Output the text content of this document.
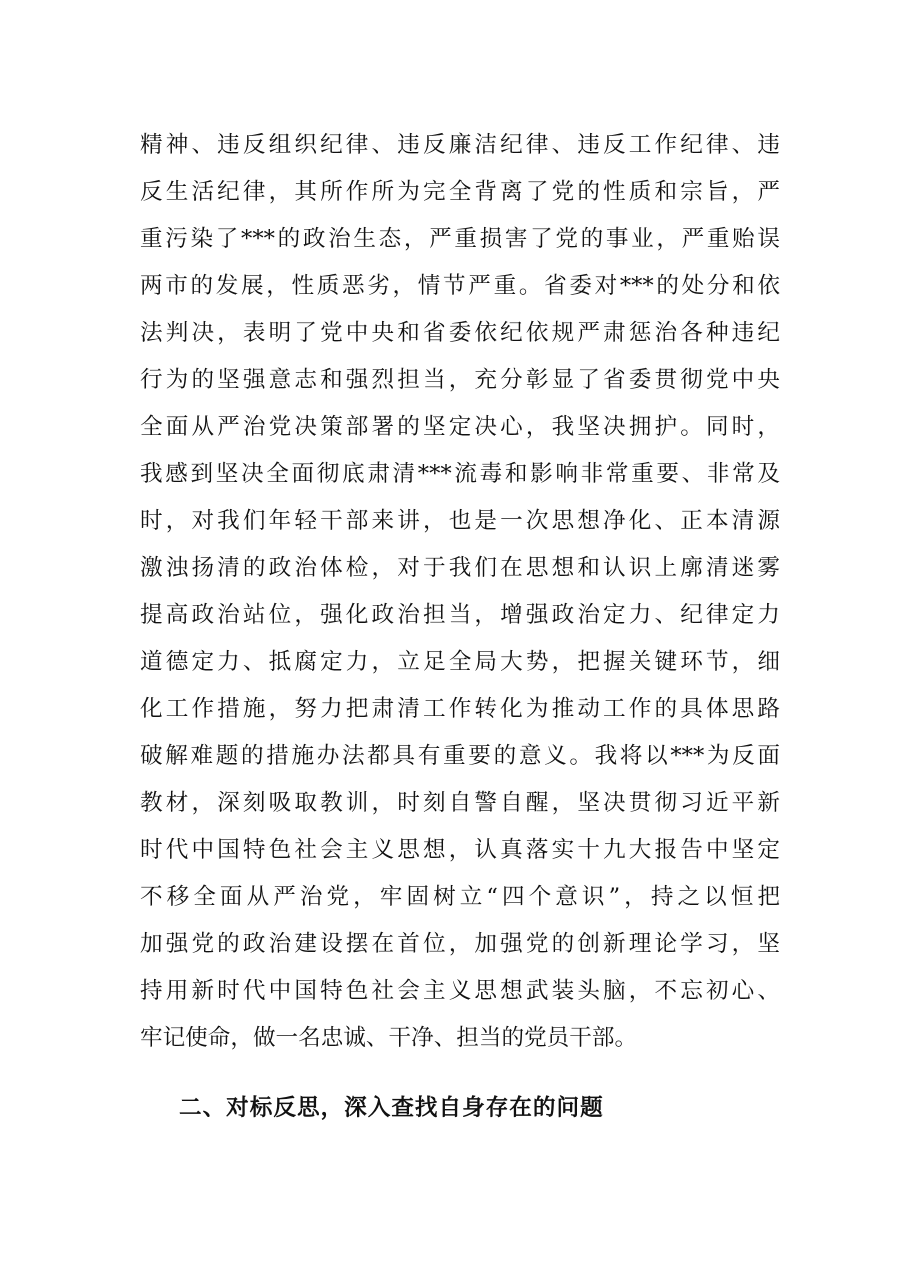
精神、违反组织纪律、违反廉洁纪律、违反工作纪律、违
反生活纪律，其所作所为完全背离了党的性质和宗旨，严
重污染了***的政治生态，严重损害了党的事业，严重贻误
两市的发展，性质恶劣，情节严重。省委对***的处分和依
法判决，表明了党中央和省委依纪依规严肃惩治各种违纪
行为的坚强意志和强烈担当，充分彰显了省委贯彻党中央
全面从严治党决策部署的坚定决心，我坚决拥护。同时，
我感到坚决全面彻底肃清***流毒和影响非常重要、非常及
时，对我们年轻干部来讲，也是一次思想净化、正本清源
激浊扬清的政治体检，对于我们在思想和认识上廓清迷雾
提高政治站位，强化政治担当，增强政治定力、纪律定力
道德定力、抵腐定力，立足全局大势，把握关键环节，细
化工作措施，努力把肃清工作转化为推动工作的具体思路
破解难题的措施办法都具有重要的意义。我将以***为反面
教材，深刻吸取教训，时刻自警自醒，坚决贯彻习近平新
时代中国特色社会主义思想，认真落实十九大报告中坚定
不移全面从严治党，牢固树立“四个意识”，持之以恒把
加强党的政治建设摆在首位，加强党的创新理论学习，坚
持用新时代中国特色社会主义思想武装头脑，不忘初心、
牢记使命，做一名忠诚、干净、担当的党员干部。
二、对标反思，深入查找自身存在的问题
